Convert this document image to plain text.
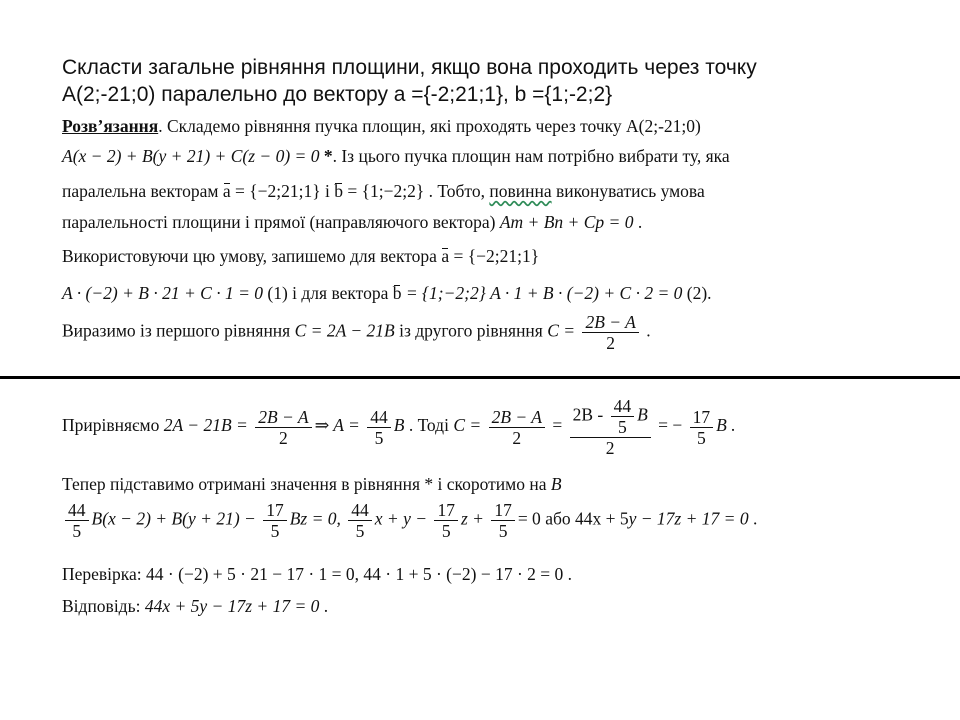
Скласти загальне рівняння площини, якщо вона проходить через точку
А(2;-21;0) паралельно до вектору а ={-2;21;1}, b ={1;-2;2}
Розв’язання. Складемо рівняння пучка площин, які проходять через точку А(2;-21;0)
A(x − 2) + B(y + 21) + C(z − 0) = 0 *. Із цього пучка площин нам потрібно вибрати ту, яка
паралельна векторам a = {−2;21;1} і b = {1;−2;2} . Тобто, повинна виконуватись умова
паралельності площини і прямої (направляючого вектора) Am + Bn + Cp = 0 .
Використовуючи цю умову, запишемо для вектора a = {−2;21;1}
A · (−2) + B · 21 + C · 1 = 0 (1) і для вектора b = {1;−2;2} A · 1 + B · (−2) + C · 2 = 0 (2).
Виразимо із першого рівняння C = 2A − 21B із другого рівняння $C = \frac{2B - A}{2}$ .
Прирівняємо $2A - 21B = \frac{2B - A}{2}$ ⇒ $A = \frac{44}{5}$ B . Тоді $C = \frac{2B - A}{2} = \frac{2B - \frac{44}{5} B}{2}$ = − $\frac{17}{5}$ B .
Тепер підставимо отримані значення в рівняння * і скоротимо на B
$\frac{44}{5} B(x - 2) + B(y + 21) - \frac{17}{5}$ Bz = 0, $\frac{44}{5}$ $x + y - \frac{17}{5}$ $z + \frac{17}{5} = 0$ або 44x + 5y − 17z + 17 = 0 .
Перевірка: 44 · (−2) + 5 · 21 − 17 · 1 = 0, 44 · 1 + 5 · (−2) − 17 · 2 = 0 .
Відповідь: 44x + 5y − 17z + 17 = 0 .
